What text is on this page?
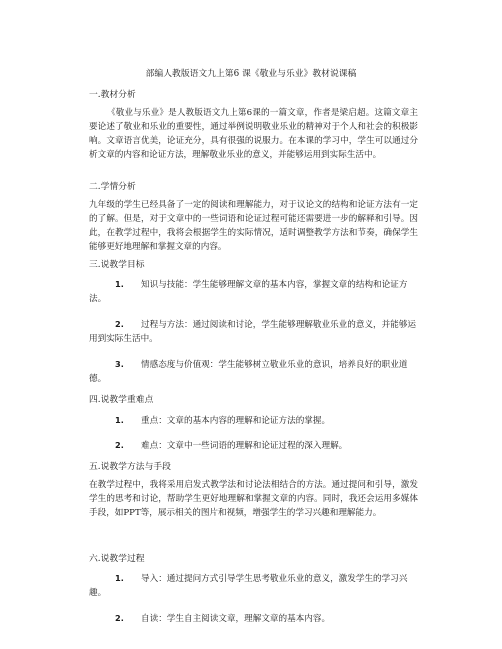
部编人教版语文九上第6 课《敬业与乐业》教材说课稿
一.教材分析
《敬业与乐业》是人教版语文九上第6课的一篇文章，作者是梁启超。这篇文章主要论述了敬业和乐业的重要性，通过举例说明敬业乐业的精神对于个人和社会的积极影响。文章语言优美，论证充分，具有很强的说服力。在本课的学习中，学生可以通过分析文章的内容和论证方法，理解敬业乐业的意义，并能够运用到实际生活中。
二.学情分析
九年级的学生已经具备了一定的阅读和理解能力，对于议论文的结构和论证方法有一定的了解。但是，对于文章中的一些词语和论证过程可能还需要进一步的解释和引导。因此，在教学过程中，我将会根据学生的实际情况，适时调整教学方法和节奏，确保学生能够更好地理解和掌握文章的内容。
三.说教学目标
1. 知识与技能：学生能够理解文章的基本内容，掌握文章的结构和论证方法。
2. 过程与方法：通过阅读和讨论，学生能够理解敬业乐业的意义，并能够运用到实际生活中。
3. 情感态度与价值观：学生能够树立敬业乐业的意识，培养良好的职业道德。
四.说教学重难点
1. 重点：文章的基本内容的理解和论证方法的掌握。
2. 难点：文章中一些词语的理解和论证过程的深入理解。
五.说教学方法与手段
在教学过程中，我将采用启发式教学法和讨论法相结合的方法。通过提问和引导，激发学生的思考和讨论，帮助学生更好地理解和掌握文章的内容。同时，我还会运用多媒体手段，如PPT等，展示相关的图片和视频，增强学生的学习兴趣和理解能力。
六.说教学过程
1. 导入：通过提问方式引导学生思考敬业乐业的意义，激发学生的学习兴趣。
2. 自读：学生自主阅读文章，理解文章的基本内容。
